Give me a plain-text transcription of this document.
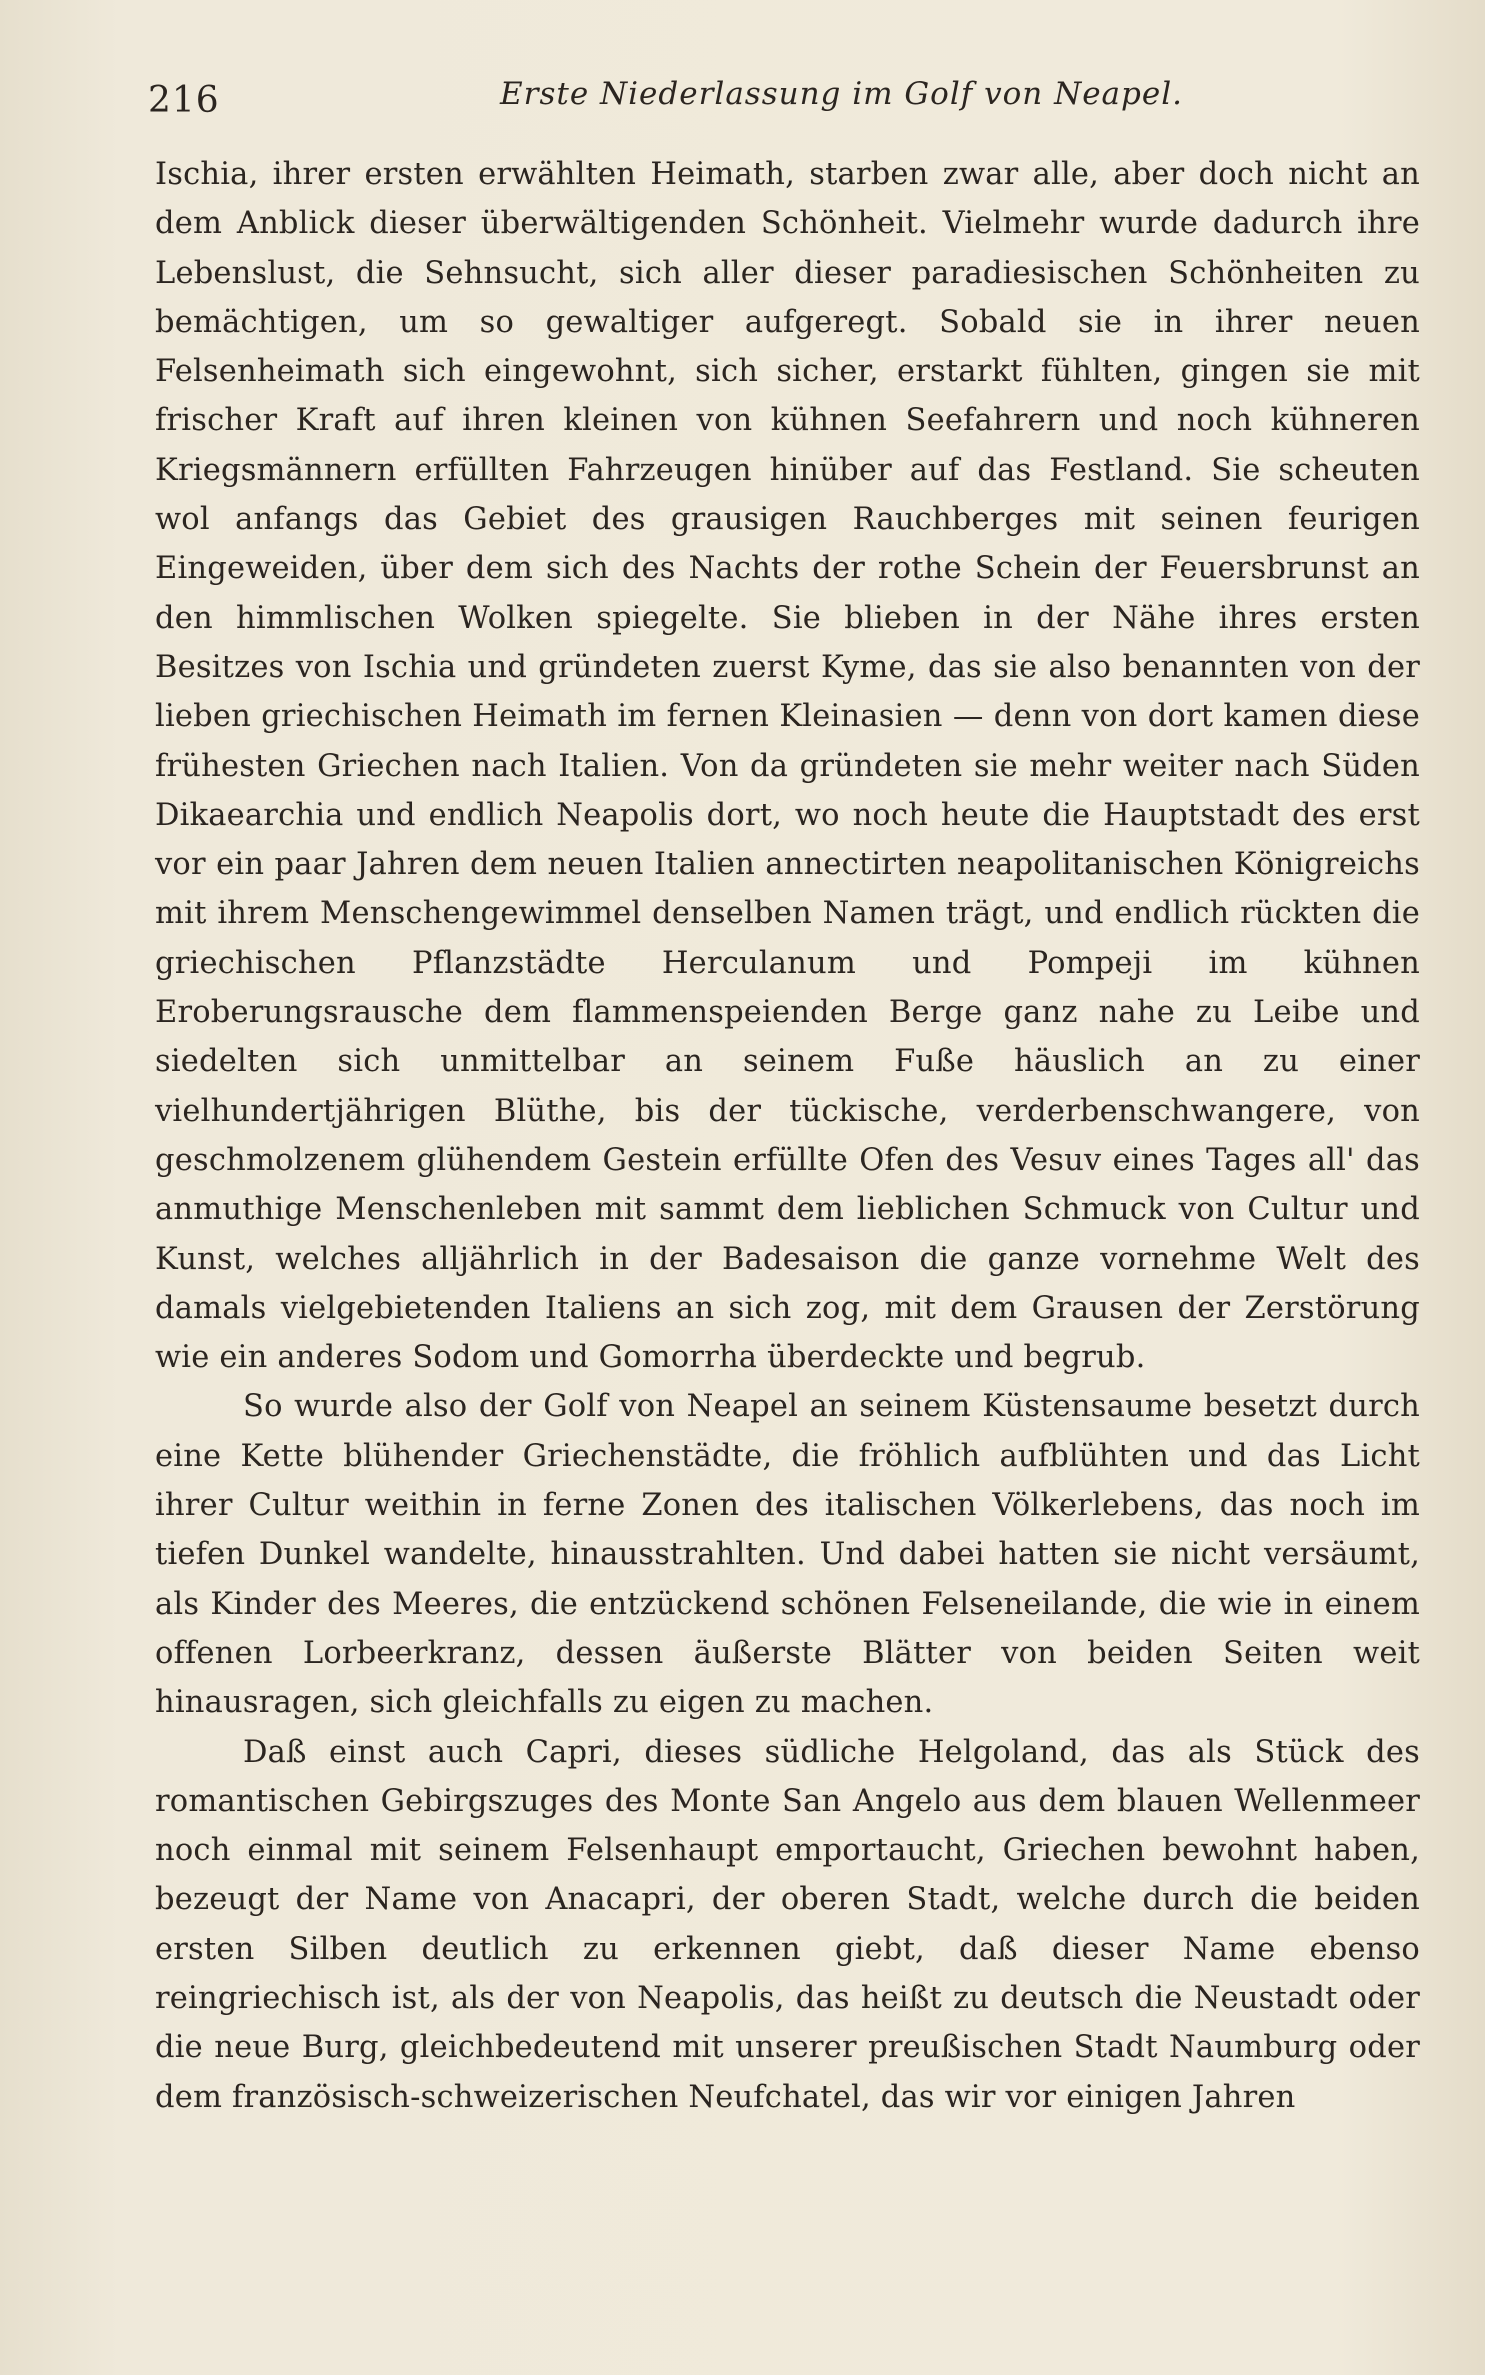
216	Erste Niederlassung im Golf von Neapel.

Ischia, ihrer ersten erwählten Heimath, starben zwar alle, aber doch nicht an dem Anblick dieser überwältigenden Schönheit. Vielmehr wurde dadurch ihre Lebenslust, die Sehnsucht, sich aller dieser paradiesischen Schönheiten zu bemächtigen, um so gewaltiger aufgeregt. Sobald sie in ihrer neuen Felsenheimath sich eingewohnt, sich sicher, erstarkt fühlten, gingen sie mit frischer Kraft auf ihren kleinen von kühnen Seefahrern und noch kühneren Kriegsmännern erfüllten Fahrzeugen hinüber auf das Festland. Sie scheuten wol anfangs das Gebiet des grausigen Rauchberges mit seinen feurigen Eingeweiden, über dem sich des Nachts der rothe Schein der Feuersbrunst an den himmlischen Wolken spiegelte. Sie blieben in der Nähe ihres ersten Besitzes von Ischia und gründeten zuerst Kyme, das sie also benannten von der lieben griechischen Heimath im fernen Kleinasien — denn von dort kamen diese frühesten Griechen nach Italien. Von da gründeten sie mehr weiter nach Süden Dikaearchia und endlich Neapolis dort, wo noch heute die Hauptstadt des erst vor ein paar Jahren dem neuen Italien annectirten neapolitanischen Königreichs mit ihrem Menschengewimmel denselben Namen trägt, und endlich rückten die griechischen Pflanzstädte Herculanum und Pompeji im kühnen Eroberungsrausche dem flammenspeienden Berge ganz nahe zu Leibe und siedelten sich unmittelbar an seinem Fuße häuslich an zu einer vielhundertjährigen Blüthe, bis der tückische, verderbenschwangere, von geschmolzenem glühendem Gestein erfüllte Ofen des Vesuv eines Tages all' das anmuthige Menschenleben mit sammt dem lieblichen Schmuck von Cultur und Kunst, welches alljährlich in der Badesaison die ganze vornehme Welt des damals vielgebietenden Italiens an sich zog, mit dem Grausen der Zerstörung wie ein anderes Sodom und Gomorrha überdeckte und begrub.

So wurde also der Golf von Neapel an seinem Küstensaume besetzt durch eine Kette blühender Griechenstädte, die fröhlich aufblühten und das Licht ihrer Cultur weithin in ferne Zonen des italischen Völkerlebens, das noch im tiefen Dunkel wandelte, hinausstrahlten. Und dabei hatten sie nicht versäumt, als Kinder des Meeres, die entzückend schönen Felseneilande, die wie in einem offenen Lorbeerkranz, dessen äußerste Blätter von beiden Seiten weit hinausragen, sich gleichfalls zu eigen zu machen.

Daß einst auch Capri, dieses südliche Helgoland, das als Stück des romantischen Gebirgszuges des Monte San Angelo aus dem blauen Wellenmeer noch einmal mit seinem Felsenhaupt emportaucht, Griechen bewohnt haben, bezeugt der Name von Anacapri, der oberen Stadt, welche durch die beiden ersten Silben deutlich zu erkennen giebt, daß dieser Name ebenso reingriechisch ist, als der von Neapolis, das heißt zu deutsch die Neustadt oder die neue Burg, gleichbedeutend mit unserer preußischen Stadt Naumburg oder dem französisch-schweizerischen Neufchatel, das wir vor einigen Jahren
